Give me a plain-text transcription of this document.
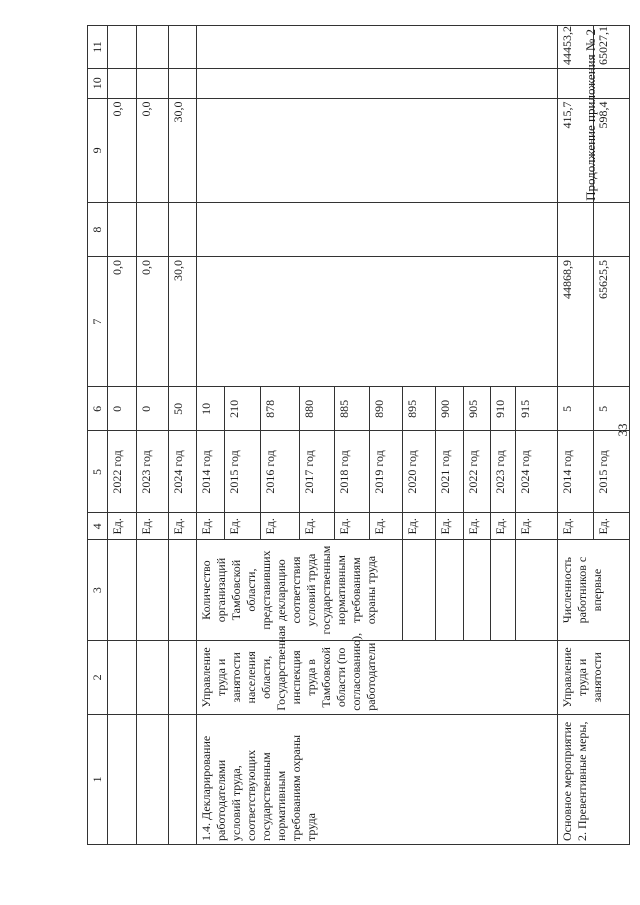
1	2	3	4	5	6	7	8	9	10	11
			Ед.	2022 год	0	0,0		0,0		
			Ед.	2023 год	0	0,0		0,0		
			Ед.	2024 год	50	30,0		30,0		
1.4. Декларирование работодателями условий труда, соответствующих государственным нормативным требованиям охраны труда	Управление труда и занятости населения области, Государственная инспекция труда в Тамбовской области (по согласованию), работодатели	Количество организаций Тамбовской области, представивших декларацию соответствия условий труда государственным нормативным требованиям охраны труда	Ед.	2014 год	10					
			Ед.	2015 год	210					
			Ед.	2016 год	878					
			Ед.	2017 год	880					
			Ед.	2018 год	885					
			Ед.	2019 год	890					
			Ед.	2020 год	895					
			Ед.	2021 год	900					
			Ед.	2022 год	905					
			Ед.	2023 год	910					
			Ед.	2024 год	915					
Основное мероприятие 2. Превентивные меры,	Управление труда и занятости	Численность работников с впервые	Ед.	2014 год	5	44868,9		415,7		44453,2
			Ед.	2015 год	5	65625,5		598,4		65027,1
33
Продолжение приложения № 2
